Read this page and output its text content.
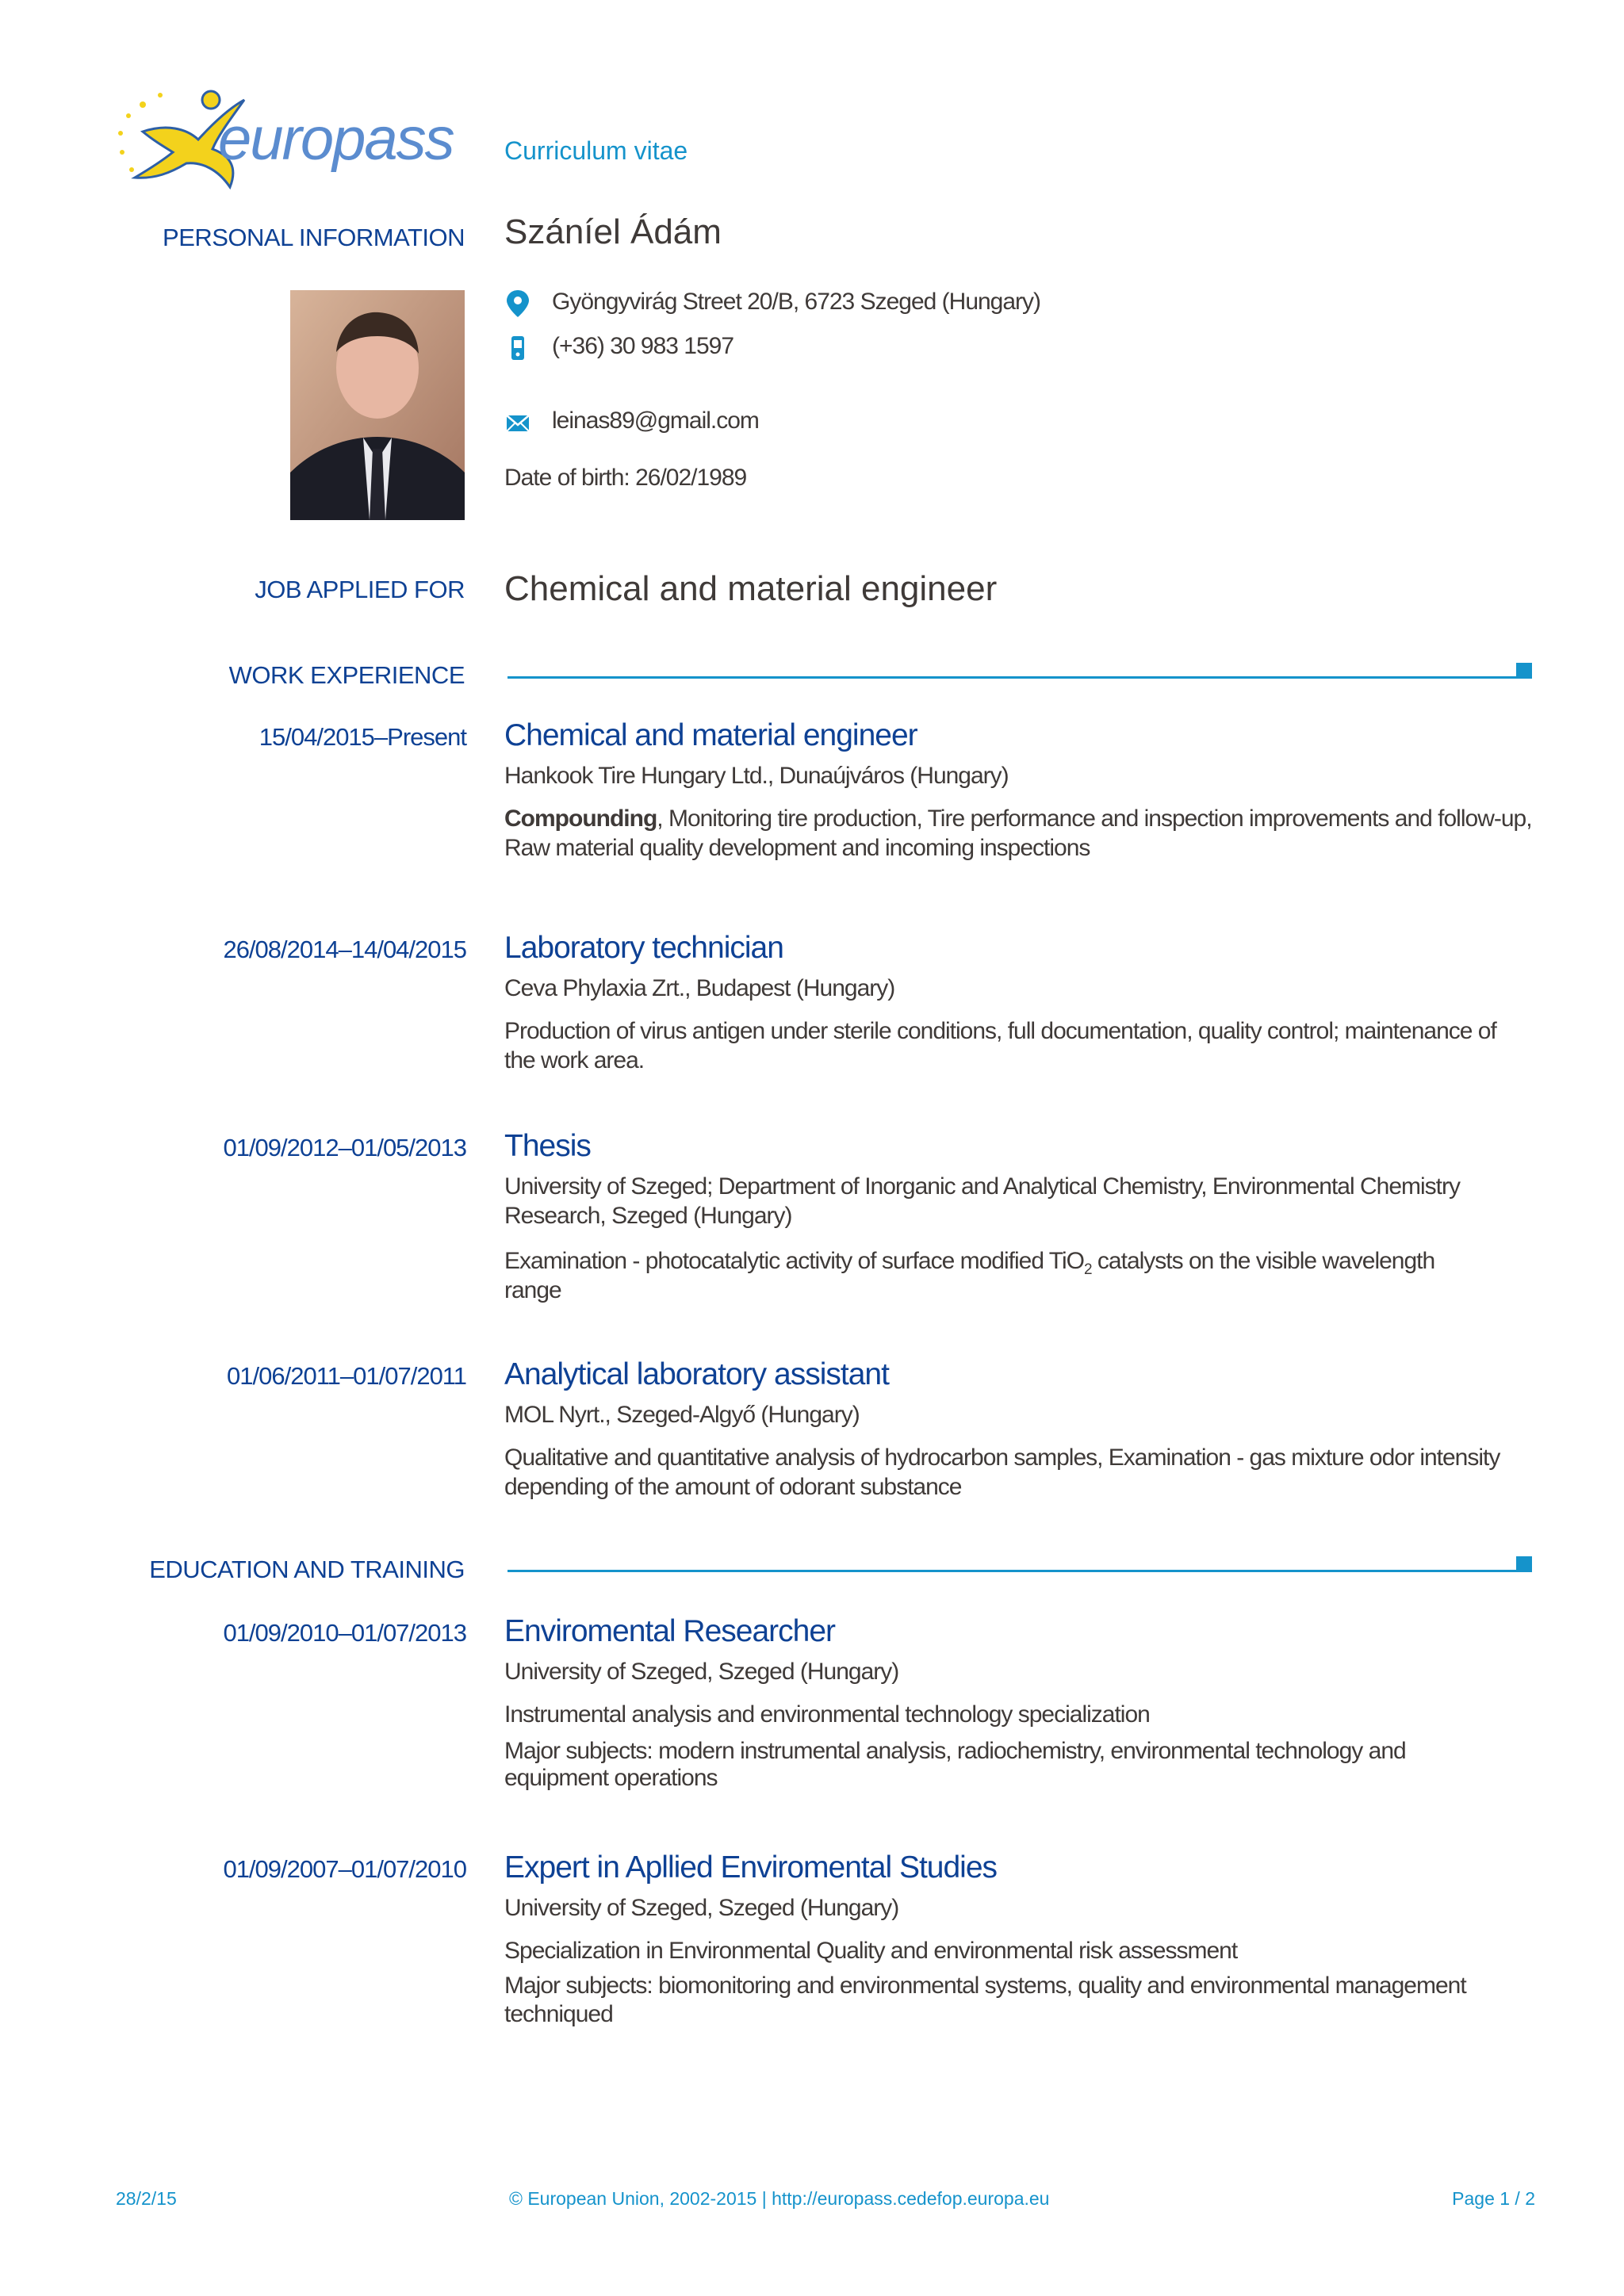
europass Curriculum vitae
PERSONAL INFORMATION Száníel Ádám
Gyöngyvirág Street 20/B, 6723 Szeged (Hungary)
(+36) 30 983 1597
leinas89@gmail.com
Date of birth: 26/02/1989
JOB APPLIED FOR Chemical and material engineer
WORK EXPERIENCE
15/04/2015–Present Chemical and material engineer
Hankook Tire Hungary Ltd., Dunaújváros (Hungary)
Compounding, Monitoring tire production, Tire performance and inspection improvements and follow-up, Raw material quality development and incoming inspections
26/08/2014–14/04/2015 Laboratory technician
Ceva Phylaxia Zrt., Budapest (Hungary)
Production of virus antigen under sterile conditions, full documentation, quality control; maintenance of
the work area.
01/09/2012–01/05/2013 Thesis
University of Szeged; Department of Inorganic and Analytical Chemistry, Environmental Chemistry
Research, Szeged (Hungary)
Examination - photocatalytic activity of surface modified TiO$_2$ catalysts on the visible wavelength
range
01/06/2011–01/07/2011 Analytical laboratory assistant
MOL Nyrt., Szeged-Algyő (Hungary)
Qualitative and quantitative analysis of hydrocarbon samples, Examination - gas mixture odor intensity
depending of the amount of odorant substance
EDUCATION AND TRAINING
01/09/2010–01/07/2013 Enviromental Researcher
University of Szeged, Szeged (Hungary)
Instrumental analysis and environmental technology specialization
Major subjects: modern instrumental analysis, radiochemistry, environmental technology and
equipment operations
01/09/2007–01/07/2010 Expert in Apllied Enviromental Studies
University of Szeged, Szeged (Hungary)
Specialization in Environmental Quality and environmental risk assessment
Major subjects: biomonitoring and environmental systems, quality and environmental management
techniqued
28/2/15	© European Union, 2002-2015 | http://europass.cedefop.europa.eu	Page 1 / 2
